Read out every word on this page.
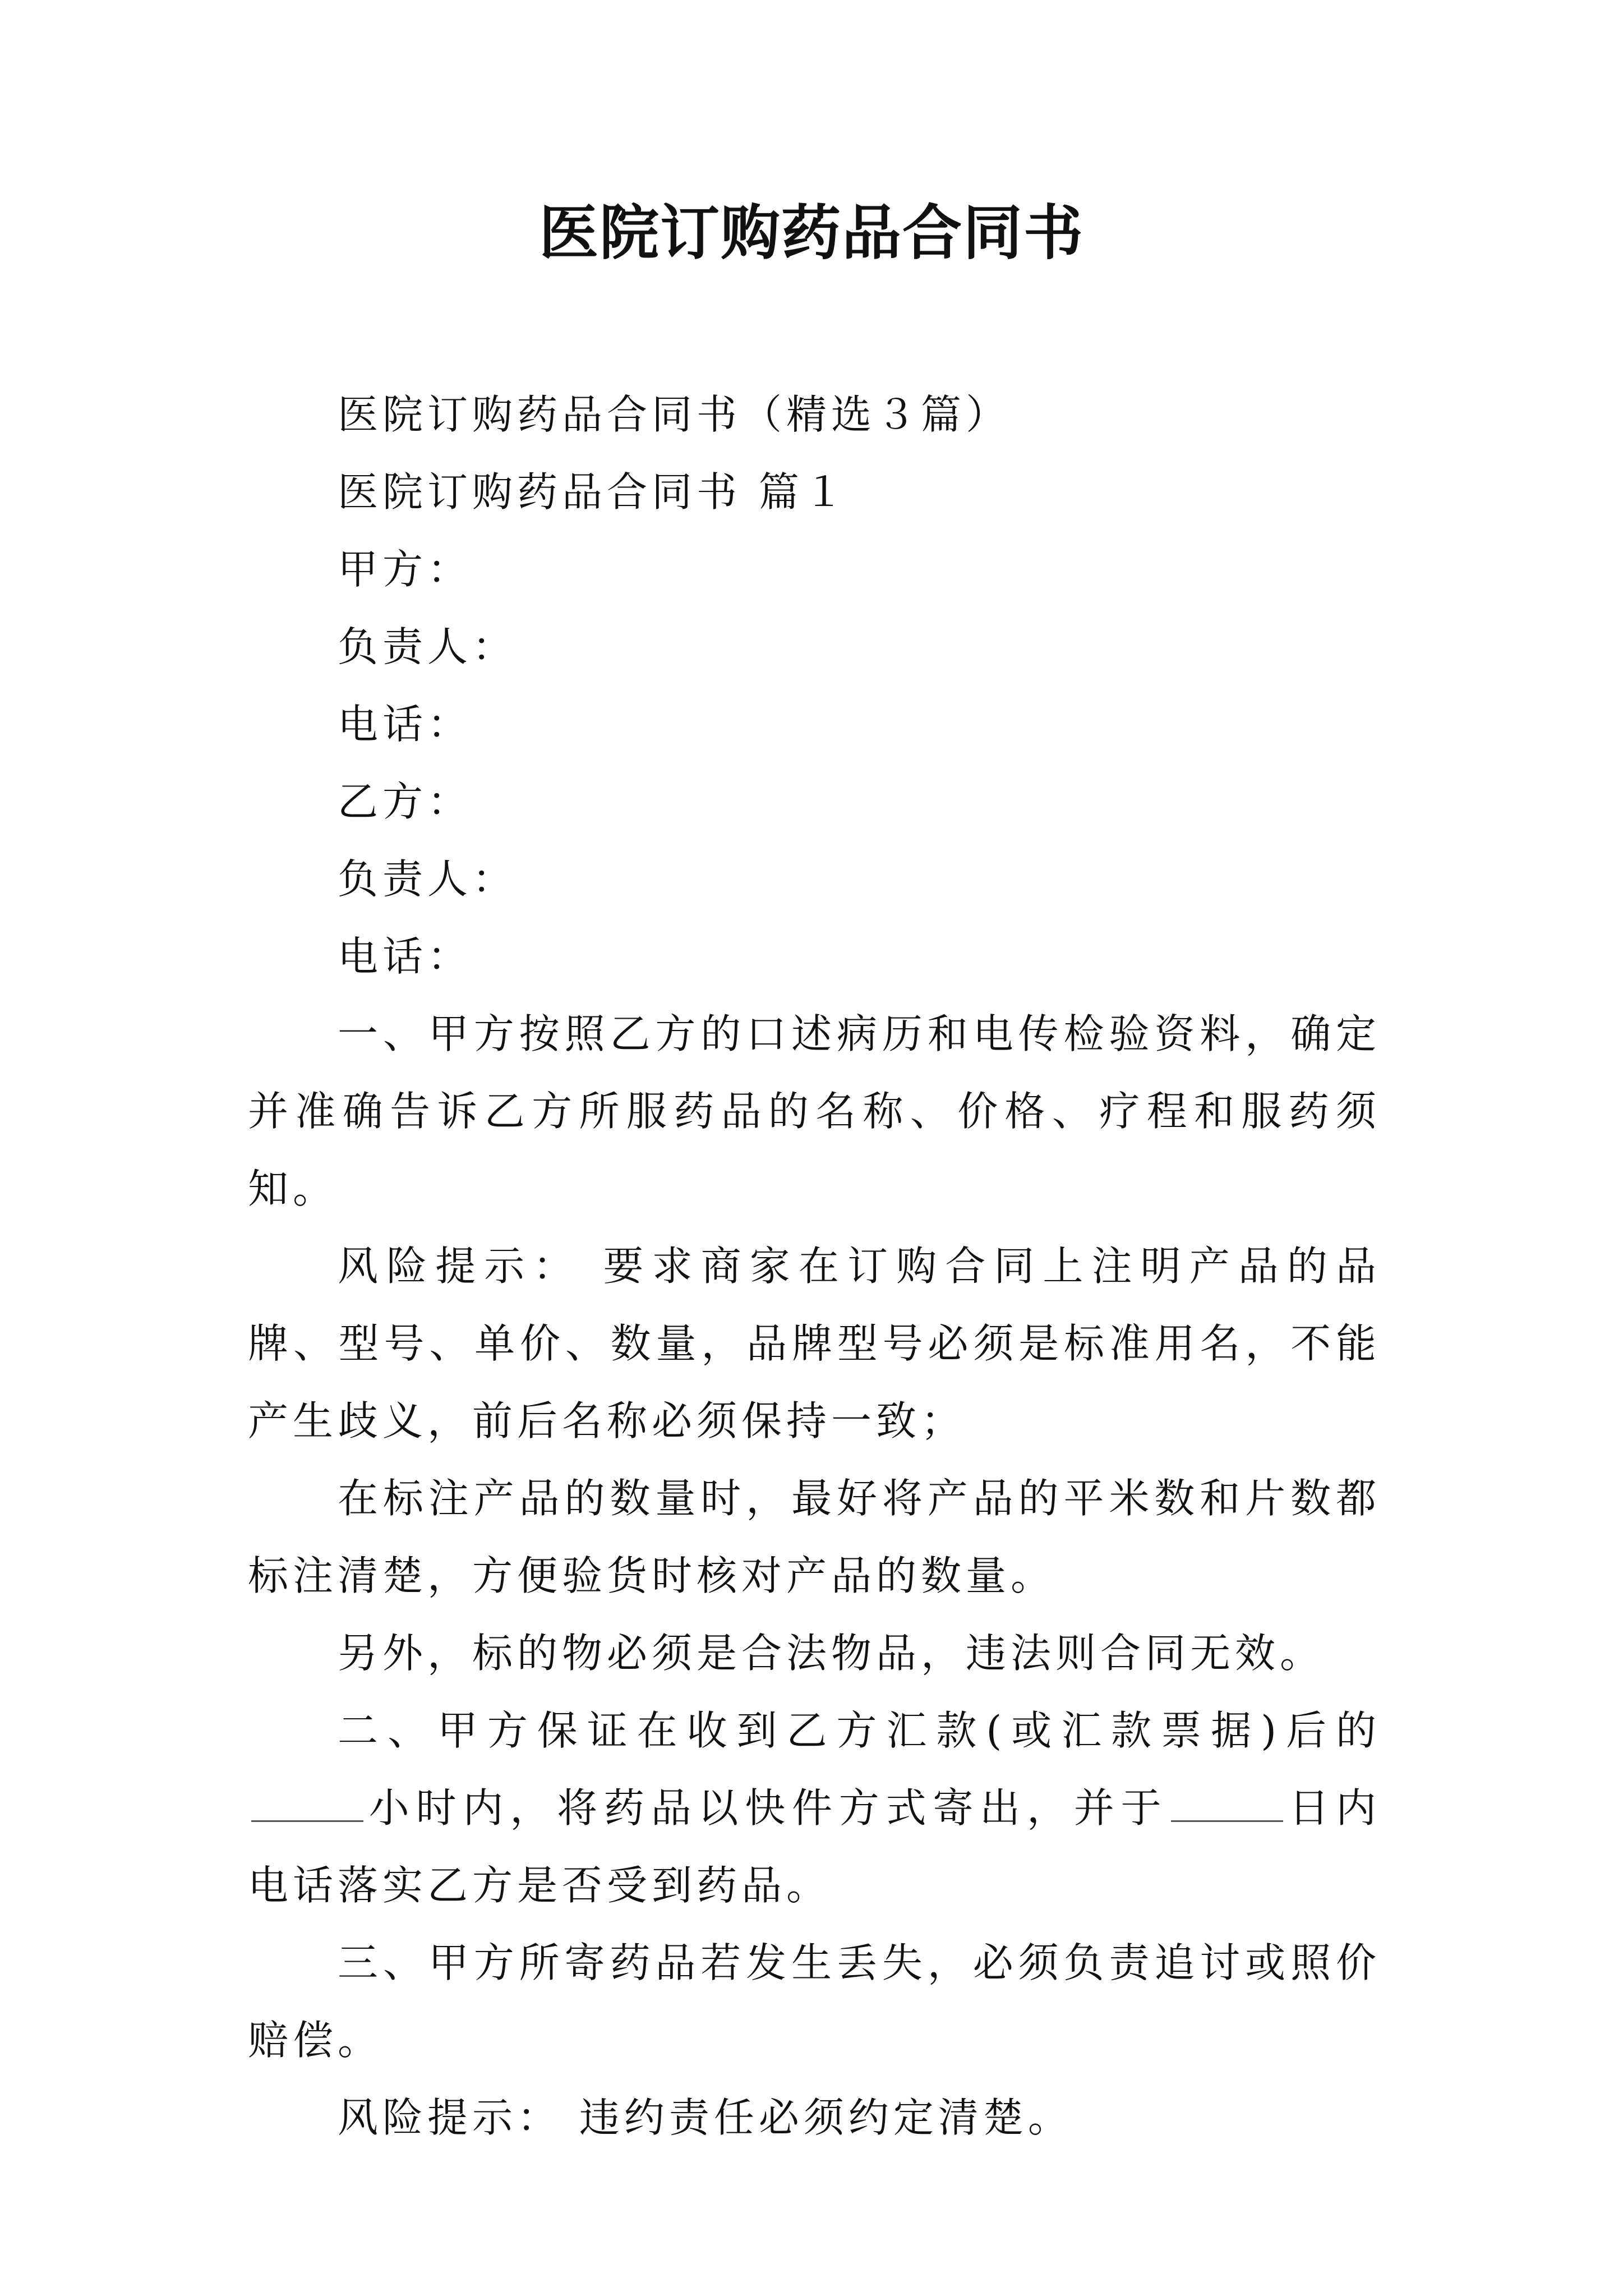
医院订购药品合同书

医院订购药品合同书（精选３篇）

医院订购药品合同书 篇１

甲方：

负责人：

电话：

乙方：

负责人：

电话：

一、甲方按照乙方的口述病历和电传检验资料，确定并准确告诉乙方所服药品的名称、价格、疗程和服药须知。

风险提示： 要求商家在订购合同上注明产品的品牌、型号、单价、数量，品牌型号必须是标准用名，不能产生歧义，前后名称必须保持一致；

在标注产品的数量时，最好将产品的平米数和片数都标注清楚，方便验货时核对产品的数量。

另外，标的物必须是合法物品，违法则合同无效。

二、甲方保证在收到乙方汇款(或汇款票据)后的小时内，将药品以快件方式寄出，并于	日内电话落实乙方是否受到药品。

三、甲方所寄药品若发生丢失，必须负责追讨或照价赔偿。

风险提示： 违约责任必须约定清楚。
